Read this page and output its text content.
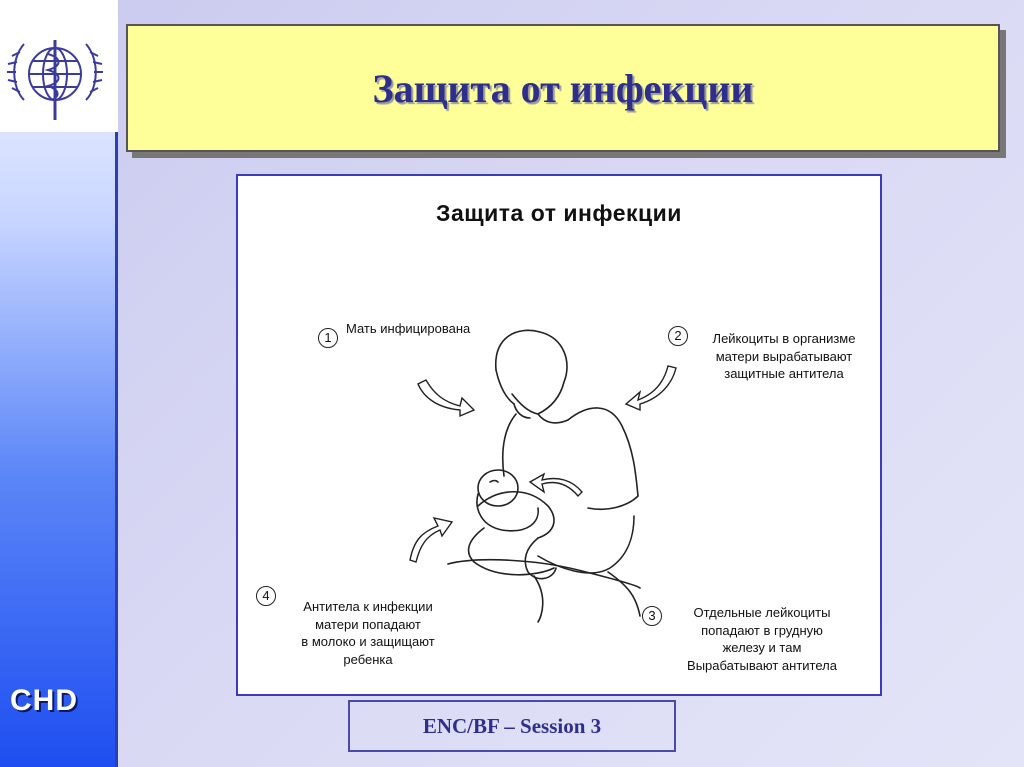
CHD
Защита от инфекции
Защита от инфекции
1
Мать инфицирована	2	Лейкоциты в организме
матери вырабатывают
защитные антитела
3	Отдельные лейкоциты
попадают в грудную
железу и там
Вырабатывают антитела
4
Антитела к инфекции
матери попадают
в молоко и защищают
ребенка
ENC/BF – Session 3
